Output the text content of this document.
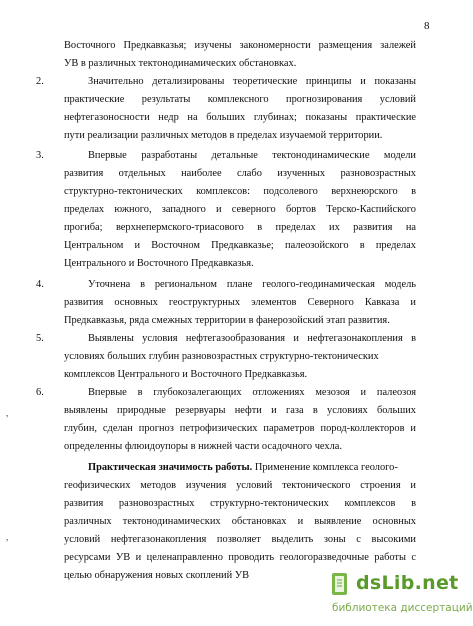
8
Восточного Предкавказья; изучены закономерности размещения залежей
УВ в различных тектонодинамических обстановках.
2.	Значительно детализированы теоретические принципы и показаны
практические результаты комплексного прогнозирования условий
нефтегазоносности недр на больших глубинах; показаны практические
пути реализации различных методов в пределах изучаемой территории.
3.	Впервые разработаны детальные тектонодинамические модели
развития отдельных наиболее слабо изученных разновозрастных
структурно-тектонических комплексов: подсолевого верхнеюрского в
пределах южного, западного и северного бортов Терско-Каспийского
прогиба; верхнепермского-триасового в пределах их развития на
Центральном и Восточном Предкавказье; палеозойского в пределах
Центрального и Восточного Предкавказья.
4.	Уточнена в региональном плане геолого-геодинамическая модель
развития основных геоструктурных элементов Северного Кавказа и
Предкавказья, ряда смежных территории в фанерозойский этап развития.
5.	Выявлены условия нефтегазообразования и нефтегазонакопления в
условиях больших глубин разновозрастных структурно-тектонических
комплексов Центрального и Восточного Предкавказья.
6.	Впервые в глубокозалегающих отложениях мезозоя и палеозоя
выявлены природные резервуары нефти и газа в условиях больших
глубин, сделан прогноз петрофизических параметров пород-коллекторов и
определенны флюидоупоры в нижней части осадочного чехла.
Практическая значимость работы. Применение комплекса геолого-
геофизических методов изучения условий тектонического строения и
развития разновозрастных структурно-тектонических комплексов в
различных тектонодинамических обстановках и выявление основных
условий нефтегазонакопления позволяет выделить зоны с высокими
ресурсами УВ и целенаправленно проводить геологоразведочные работы с
целью обнаружения новых скоплений УВ
,
,
dsLib.net
библиотека диссертаций
